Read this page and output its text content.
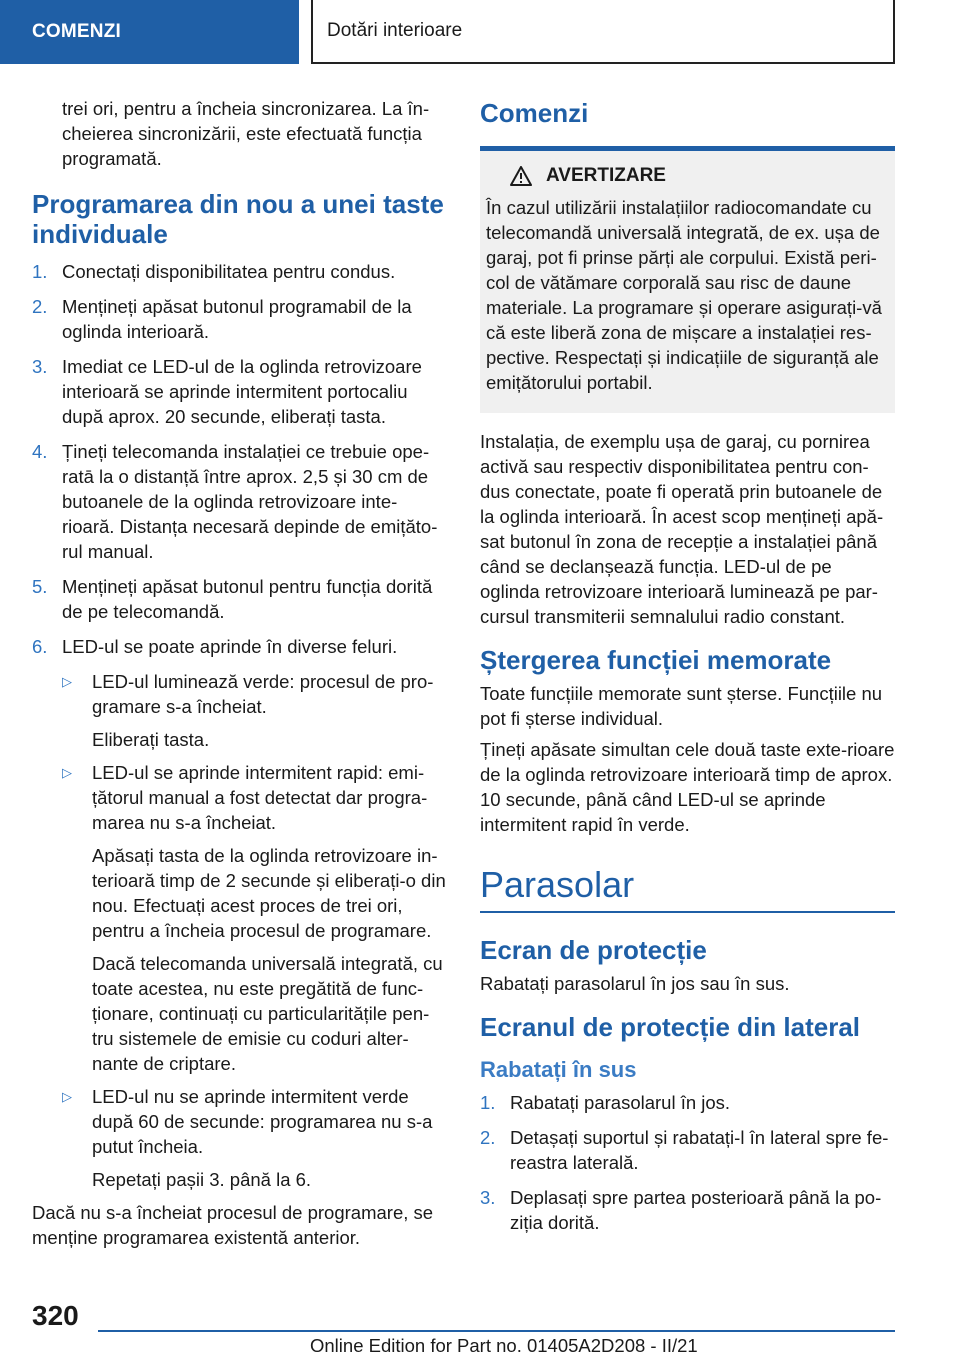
COMENZI	Dotări interioare

trei ori, pentru a încheia sincronizarea. La în-
cheierea sincronizării, este efectuată funcția
programată.

Programarea din nou a unei taste individuale
1. Conectați disponibilitatea pentru condus.
2. Mențineți apăsat butonul programabil de la oglinda interioară.
3. Imediat ce LED-ul de la oglinda retrovizoare interioară se aprinde intermitent portocaliu după aprox. 20 secunde, eliberați tasta.
4. Țineți telecomanda instalației ce trebuie ope-ratā la o distanță între aprox. 2,5 și 30 cm de butoanele de la oglinda retrovizoare inte-rioară. Distanța necesară depinde de emițăto-rul manual.
5. Mențineți apăsat butonul pentru funcția dorită de pe telecomandă.
6. LED-ul se poate aprinde în diverse feluri.
▷	LED-ul luminează verde: procesul de pro-gramare s-a încheiat.

Eliberați tasta.

▷	LED-ul se aprinde intermitent rapid: emi-țătorul manual a fost detectat dar progra-marea nu s-a încheiat.

Apăsați tasta de la oglinda retrovizoare in-terioară timp de 2 secunde și eliberați-o din nou. Efectuați acest proces de trei ori, pentru a încheia procesul de programare.

Dacă telecomanda universală integrată, cu toate acestea, nu este pregătită de func-ționare, continuați cu particularitățile pen-tru sistemele de emisie cu coduri alter-nante de criptare.

▷	LED-ul nu se aprinde intermitent verde după 60 de secunde: programarea nu s-a putut încheia.

Repetați pașii 3. până la 6.

Dacă nu s-a încheiat procesul de programare, se menține programarea existentă anterior.

Comenzi
AVERTIZARE

În cazul utilizării instalațiilor radiocomandate cu telecomandă universală integrată, de ex. ușa de garaj, pot fi prinse părți ale corpului. Există peri-col de vătămare corporală sau risc de daune materiale. La programare și operare asigurați-vă că este liberă zona de mișcare a instalației res-pective. Respectați și indicațiile de siguranță ale emițătorului portabil.

Instalația, de exemplu ușa de garaj, cu pornirea activă sau respectiv disponibilitatea pentru con-dus conectate, poate fi operată prin butoanele de la oglinda interioară. În acest scop mențineți apă-sat butonul în zona de recepție a instalației până când se declanșează funcția. LED-ul de pe oglinda retrovizoare interioară luminează pe par-cursul transmiterii semnalului radio constant.

Ștergerea funcției memorate

Toate funcțiile memorate sunt șterse. Funcțiile nu pot fi șterse individual.

Țineți apăsate simultan cele două taste exte-rioare de la oglinda retrovizoare interioară timp de aprox. 10 secunde, până când LED-ul se aprinde intermitent rapid în verde.

Parasolar
Ecran de protecție

Rabatați parasolarul în jos sau în sus.

Ecranul de protecție din lateral
Rabatați în sus
1. Rabatați parasolarul în jos.
2. Detașați suportul și rabatați-l în lateral spre fe-reastra laterală.
3. Deplasați spre partea posterioară până la po-ziția dorită.
320
Online Edition for Part no. 01405A2D208 - II/21
